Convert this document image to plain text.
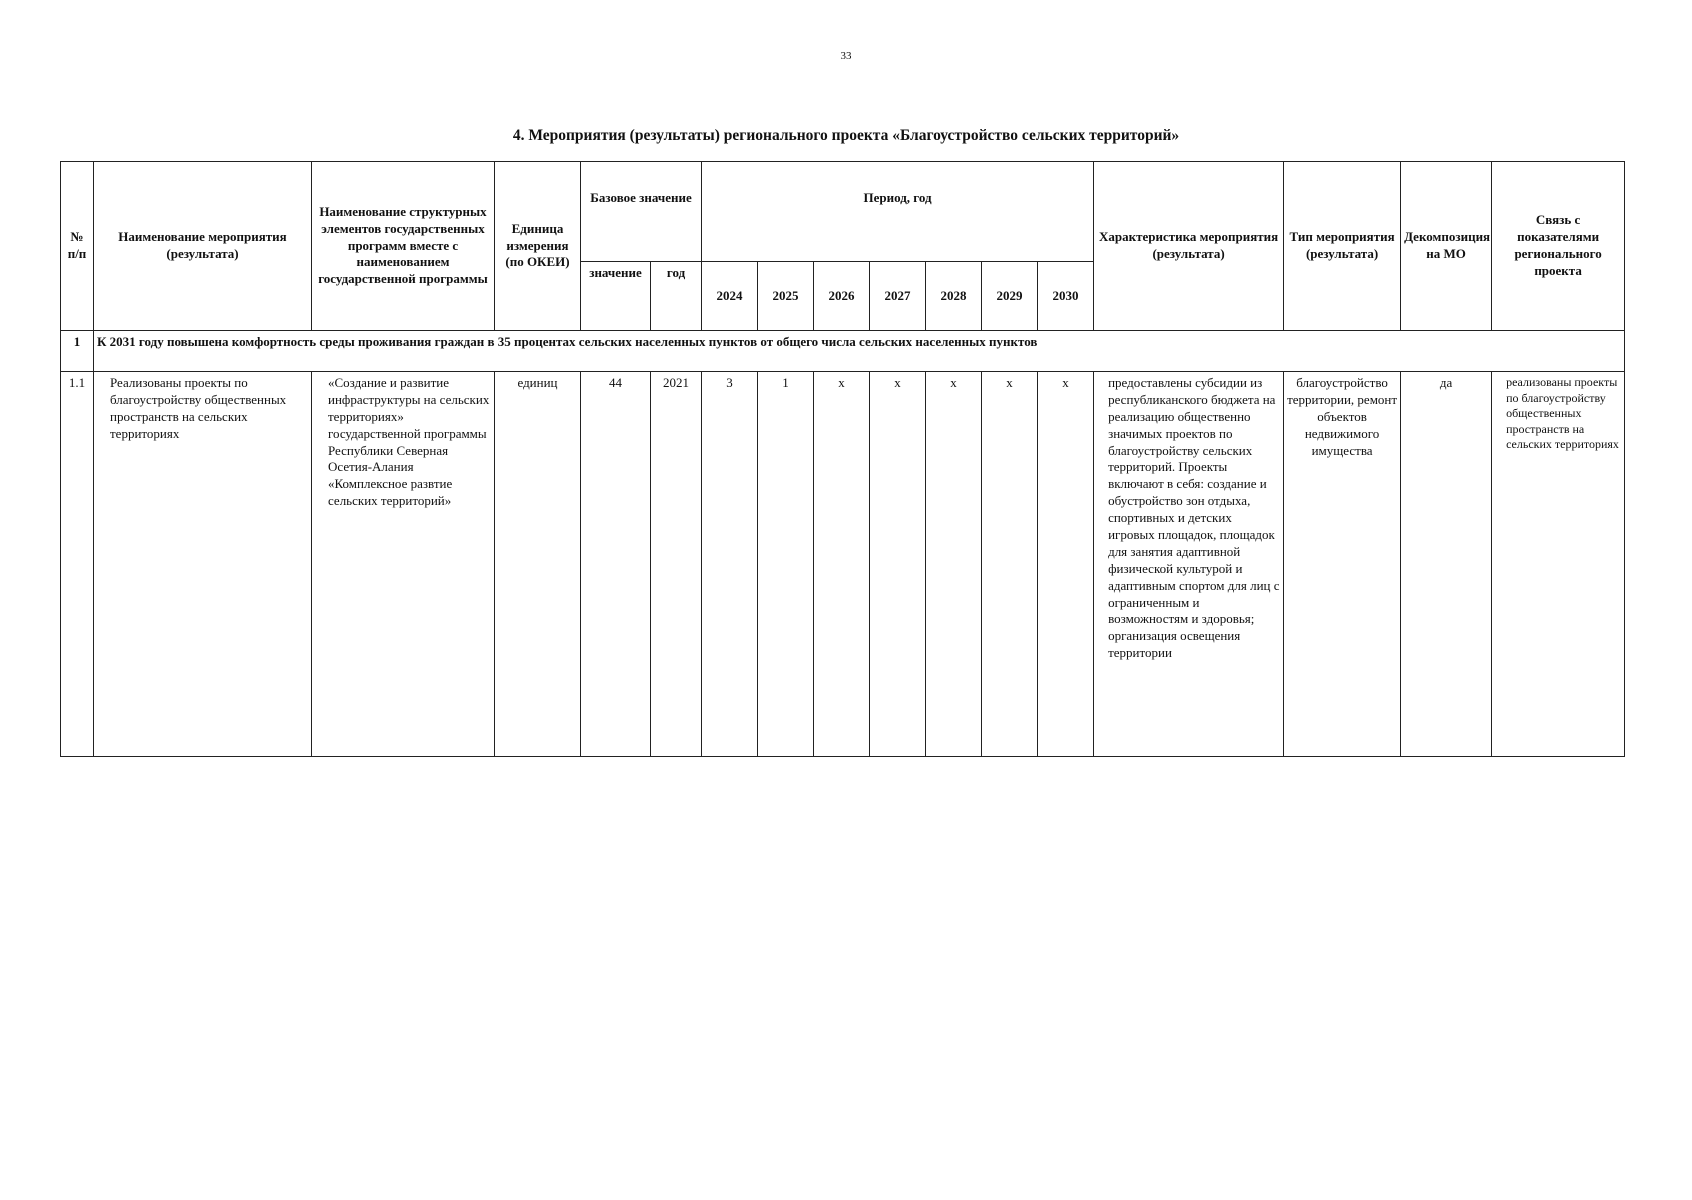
33
4. Мероприятия (результаты) регионального проекта «Благоустройство сельских территорий»
№ п/п	Наименование мероприятия (результата)	Наименование структурных элементов государственных программ вместе с наименованием государственной программы	Единица измерения (по ОКЕИ)	Базовое значение		Период, год							Характеристика мероприятия (результата)	Тип мероприятия (результата)	Декомпозиция на МО	Связь с показателями регионального проекта
				значение	год	2024	2025	2026	2027	2028	2029	2030				
1	К 2031 году повышена комфортность среды проживания граждан в 35 процентах сельских населенных пунктов от общего числа сельских населенных пунктов															
1.1	Реализованы проекты по благоустройству общественных пространств на сельских территориях	«Создание и развитие инфраструктуры на сельских территориях» государственной программы Республики Северная Осетия-Алания «Комплексное развтие сельских территорий»	единиц	44	2021	3	1	х	х	х	х	х	предоставлены субсидии из республиканского бюджета на реализацию общественно значимых проектов по благоустройству сельских территорий. Проекты включают в себя: создание и обустройство зон отдыха, спортивных и детских игровых площадок, площадок для занятия адаптивной физической культурой и адаптивным спортом для лиц с ограниченным и возможностям и здоровья; организация освещения территории	благоустройство территории, ремонт объектов недвижимого имущества	да	реализованы проекты по благоустройству общественных пространств на сельских территориях
